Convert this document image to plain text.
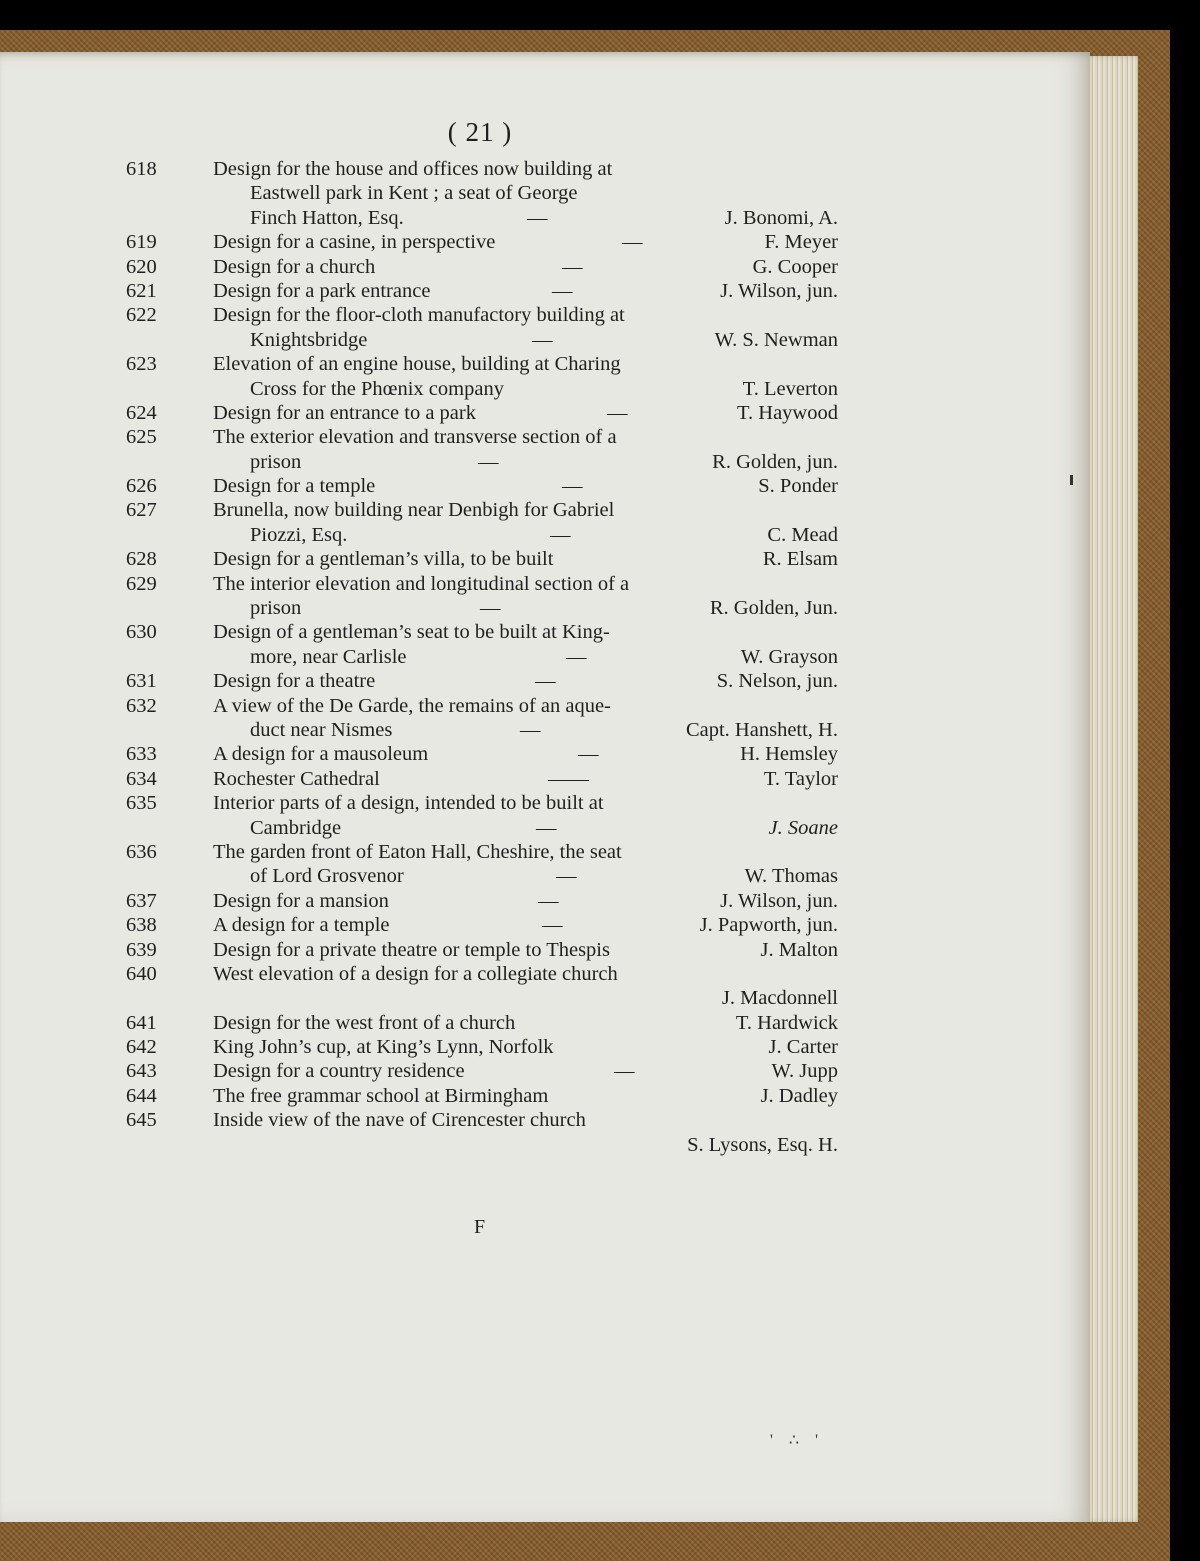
( 21 )
618	Design for the house and offices now building at
Eastwell park in Kent ; a seat of George
Finch Hatton, Esq.	—	J. Bonomi, A.
619	Design for a casine, in perspective	—	F. Meyer
620	Design for a church	—	G. Cooper
621	Design for a park entrance	—	J. Wilson, jun.
622	Design for the floor-cloth manufactory building at
Knightsbridge	—	W. S. Newman
623	Elevation of an engine house, building at Charing
Cross for the Phœnix company	T. Leverton
624	Design for an entrance to a park	—	T. Haywood
625	The exterior elevation and transverse section of a
prison	—	R. Golden, jun.
626	Design for a temple	—	S. Ponder
627	Brunella, now building near Denbigh for Gabriel
Piozzi, Esq.	—	C. Mead
628	Design for a gentleman’s villa, to be built	R. Elsam
629	The interior elevation and longitudinal section of a
prison	—	R. Golden, Jun.
630	Design of a gentleman’s seat to be built at King-
more, near Carlisle	—	W. Grayson
631	Design for a theatre	—	S. Nelson, jun.
632	A view of the De Garde, the remains of an aque-
duct near Nismes	—	Capt. Hanshett, H.
633	A design for a mausoleum	—	H. Hemsley
634	Rochester Cathedral	——	T. Taylor
635	Interior parts of a design, intended to be built at
Cambridge	—	J. Soane
636	The garden front of Eaton Hall, Cheshire, the seat
of Lord Grosvenor	—	W. Thomas
637	Design for a mansion	—	J. Wilson, jun.
638	A design for a temple	—	J. Papworth, jun.
639	Design for a private theatre or temple to Thespis	J. Malton
640	West elevation of a design for a collegiate church
J. Macdonnell
641	Design for the west front of a church	T. Hardwick
642	King John’s cup, at King’s Lynn, Norfolk	J. Carter
643	Design for a country residence	—	W. Jupp
644	The free grammar school at Birmingham	J. Dadley
645	Inside view of the nave of Cirencester church
S. Lysons, Esq. H.
F
' ∴ '
